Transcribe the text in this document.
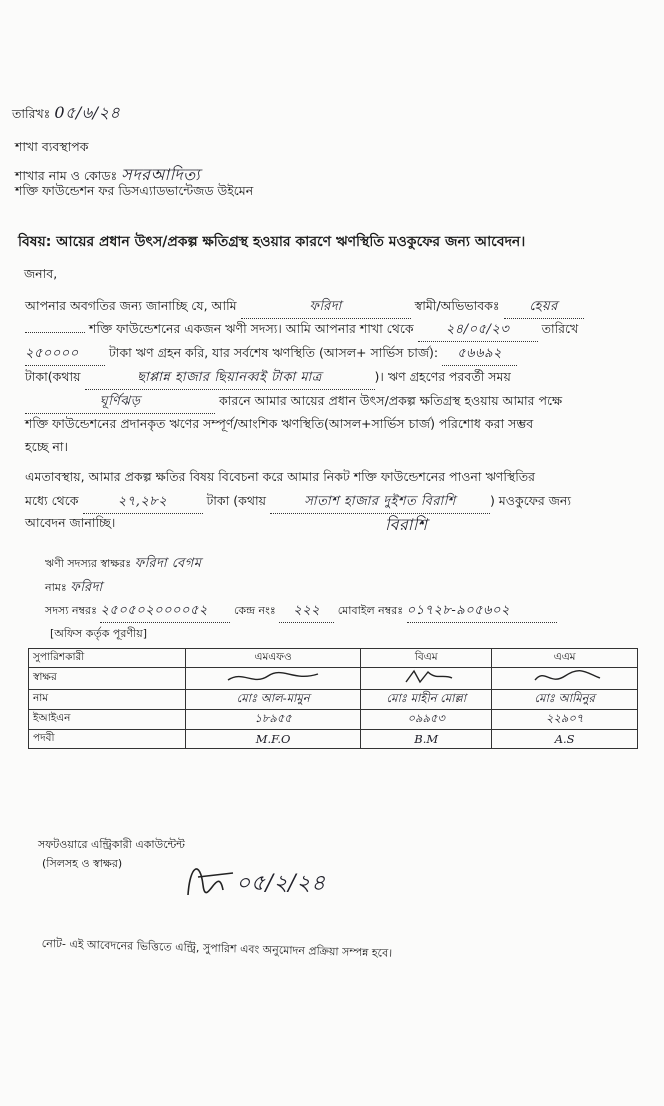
তারিখঃ 0৫/৬/২৪
শাখা ব্যবস্থাপক
শাখার নাম ও কোডঃ সদরআদিত্য
শক্তি ফাউন্ডেশন ফর ডিসএ্যাডভান্টেজড উইমেন
বিষয়: আয়ের প্রধান উৎস/প্রকল্প ক্ষতিগ্রস্থ হওয়ার কারণে ঋণস্থিতি মওকুফের জন্য আবেদন।
জনাব,
আপনার অবগতির জন্য জানাচ্ছি যে, আমি	ফরিদা	স্বামী/অভিভাবকঃ হেয়র
শক্তি ফাউন্ডেশনের একজন ঋণী সদস্য। আমি আপনার শাখা থেকে ২৪/০৫/২৩	তারিখে
২৫০০০০ টাকা ঋণ গ্রহন করি, যার সর্বশেষ ঋণস্থিতি (আসল+ সার্ভিস চার্জ): ৫৬৬৯২
টাকা(কথায়	ছাপ্পান্ন হাজার ছিয়ানব্বই টাকা মাত্র	)। ঋণ গ্রহণের পরবর্তী সময়
ঘূর্ণিঝড়	কারনে আমার আয়ের প্রধান উৎস/প্রকল্প ক্ষতিগ্রস্থ হওয়ায় আমার পক্ষে
শক্তি ফাউন্ডেশনের প্রদানকৃত ঋণের সম্পূর্ণ/আংশিক ঋণস্থিতি(আসল+সার্ভিস চার্জ) পরিশোধ করা সম্ভব
হচ্ছে না।
এমতাবস্থায়, আমার প্রকল্প ক্ষতির বিষয় বিবেচনা করে আমার নিকট শক্তি ফাউন্ডেশনের পাওনা ঋণস্থিতির
মধ্যে থেকে	২৭,২৮২	টাকা (কথায়	সাতাশ হাজার দুইশত বিরাশি	) মওকুফের জন্য
আবেদন জানাচ্ছি।	বিরাশি
ঋণী সদস্যর স্বাক্ষরঃ ফরিদা বেগম
নামঃ ফরিদা
সদস্য নম্বরঃ ২৫০৫০২০০০০৫২ কেন্দ্র নংঃ ২২২ মোবাইল নম্বরঃ ০১৭২৮-৯০৫৬০২
[অফিস কর্তৃক পূরণীয়]
সুপারিশকারী	এমএফও	বিএম	এএম
স্বাক্ষর			
নাম	মোঃ আল-মামুন	মোঃ মাহীন মোল্লা	মোঃ আমিনুর
ইআইএন	১৮৯৫৫	০৯৯৫৩	২২৯০৭
পদবী	M.F.O	B.M	A.S
সফটওয়ারে এন্ট্রিকারী একাউন্টেন্ট
(সিলসহ ও স্বাক্ষর)
০৫/২/২৪
নোট- এই আবেদনের ভিত্তিতে এন্ট্রি, সুপারিশ এবং অনুমোদন প্রক্রিয়া সম্পন্ন হবে।
